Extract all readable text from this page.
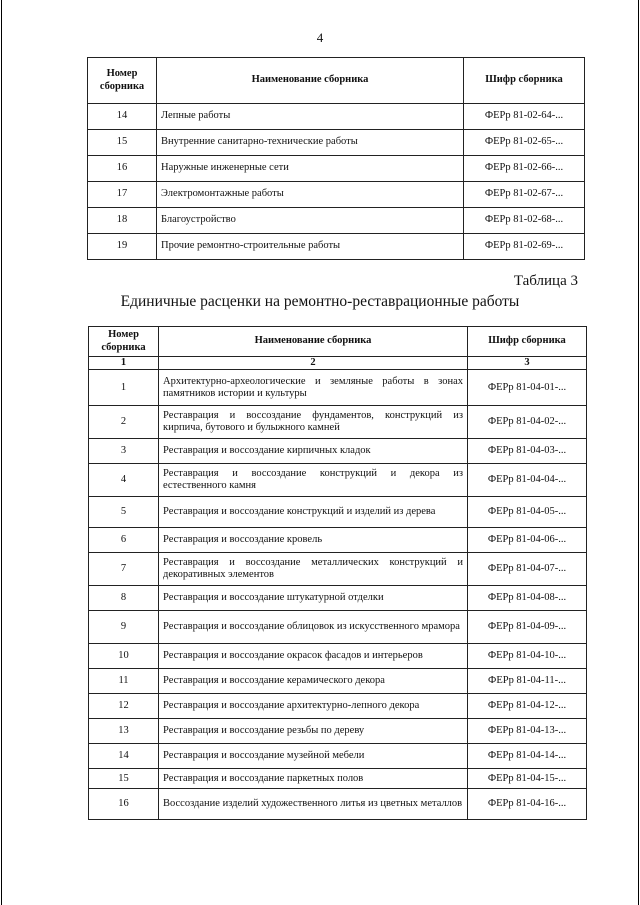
4
Номер сборника	Наименование сборника	Шифр сборника
14	Лепные работы	ФЕРр 81-02-64-...
15	Внутренние санитарно-технические работы	ФЕРр 81-02-65-...
16	Наружные инженерные сети	ФЕРр 81-02-66-...
17	Электромонтажные работы	ФЕРр 81-02-67-...
18	Благоустройство	ФЕРр 81-02-68-...
19	Прочие ремонтно-строительные работы	ФЕРр 81-02-69-...
Таблица 3
Единичные расценки на ремонтно-реставрационные работы
Номер сборника	Наименование сборника	Шифр сборника
1	2	3
1	Архитектурно-археологические и земляные работы в зонах памятников истории и культуры	ФЕРр 81-04-01-...
2	Реставрация и воссоздание фундаментов, конструкций из кирпича, бутового и булыжного камней	ФЕРр 81-04-02-...
3	Реставрация и воссоздание кирпичных кладок	ФЕРр 81-04-03-...
4	Реставрация и воссоздание конструкций и декора из естественного камня	ФЕРр 81-04-04-...
5	Реставрация и воссоздание конструкций и изделий из дерева	ФЕРр 81-04-05-...
6	Реставрация и воссоздание кровель	ФЕРр 81-04-06-...
7	Реставрация и воссоздание металлических конструкций и декоративных элементов	ФЕРр 81-04-07-...
8	Реставрация и воссоздание штукатурной отделки	ФЕРр 81-04-08-...
9	Реставрация и воссоздание облицовок из искусственного мрамора	ФЕРр 81-04-09-...
10	Реставрация и воссоздание окрасок фасадов и интерьеров	ФЕРр 81-04-10-...
11	Реставрация и воссоздание керамического декора	ФЕРр 81-04-11-...
12	Реставрация и воссоздание архитектурно-лепного декора	ФЕРр 81-04-12-...
13	Реставрация и воссоздание резьбы по дереву	ФЕРр 81-04-13-...
14	Реставрация и воссоздание музейной мебели	ФЕРр 81-04-14-...
15	Реставрация и воссоздание паркетных полов	ФЕРр 81-04-15-...
16	Воссоздание изделий художественного литья из цветных металлов	ФЕРр 81-04-16-...
